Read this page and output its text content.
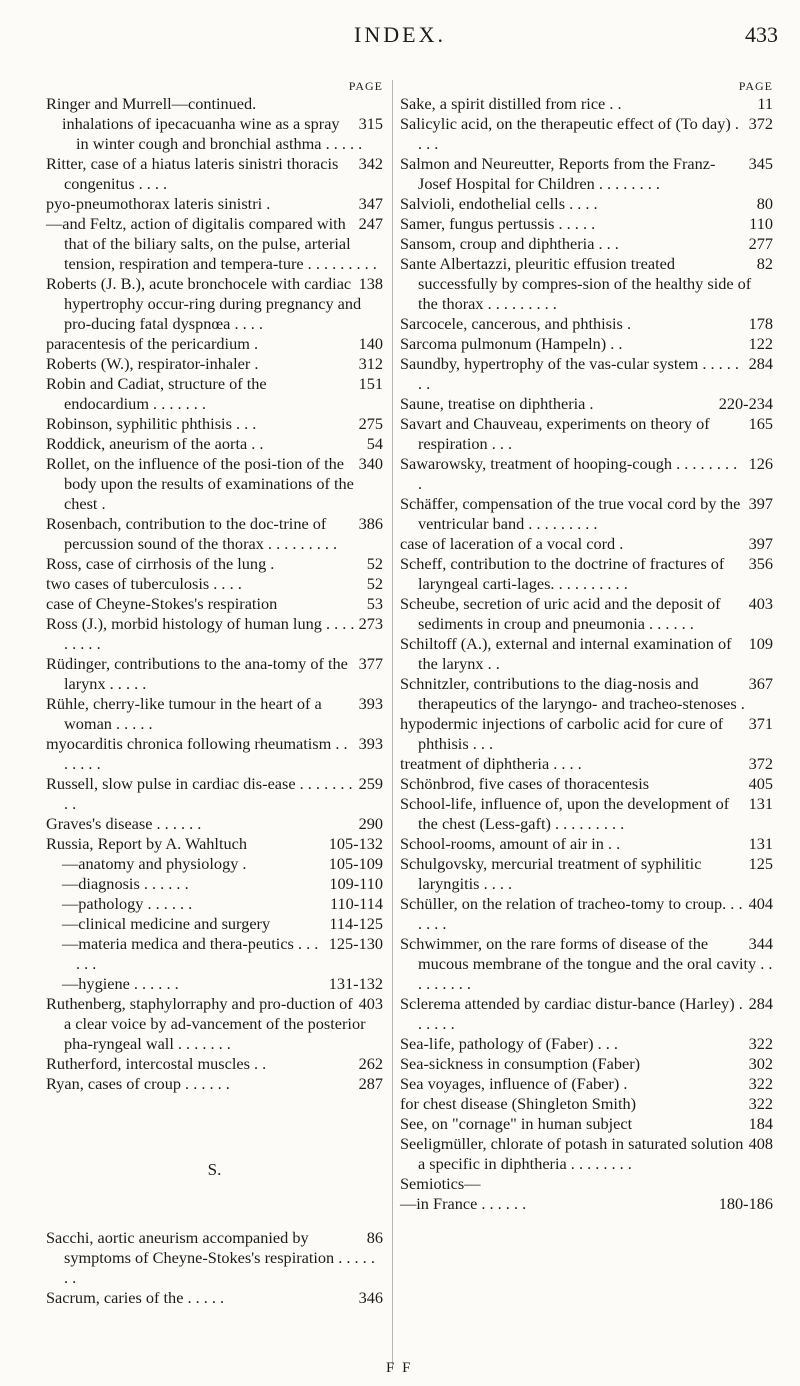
INDEX.	433
PAGE
Ringer and Murrell—continued.
315
inhalations of ipecacuanha wine as a spray in winter cough and bronchial asthma . . . . .
342
Ritter, case of a hiatus lateris sinistri thoracis congenitus . . . .
347
pyo-pneumothorax lateris sinistri .
247
—and Feltz, action of digitalis compared with that of the biliary salts, on the pulse, arterial tension, respiration and tempera-ture . . . . . . . . .
138
Roberts (J. B.), acute bronchocele with cardiac hypertrophy occur-ring during pregnancy and pro-ducing fatal dyspnœa . . . .
140
paracentesis of the pericardium .
312
Roberts (W.), respirator-inhaler .
151
Robin and Cadiat, structure of the endocardium . . . . . . .
275
Robinson, syphilitic phthisis . . .
54
Roddick, aneurism of the aorta . .
340
Rollet, on the influence of the posi-tion of the body upon the results of examinations of the chest .
386
Rosenbach, contribution to the doc-trine of percussion sound of the thorax . . . . . . . . .
52
Ross, case of cirrhosis of the lung .
52
two cases of tuberculosis . . . .
53
case of Cheyne-Stokes's respiration
273
Ross (J.), morbid histology of human lung . . . . . . . . .
377
Rüdinger, contributions to the ana-tomy of the larynx . . . . .
393
Rühle, cherry-like tumour in the heart of a woman . . . . .
393
myocarditis chronica following rheumatism . . . . . . .
259
Russell, slow pulse in cardiac dis-ease . . . . . . . . .
290
Graves's disease . . . . . .
105-132
Russia, Report by A. Wahltuch
105-109
—anatomy and physiology .
109-110
—diagnosis . . . . . .
110-114
—pathology . . . . . .
114-125
—clinical medicine and surgery
125-130
—materia medica and thera-peutics . . . . . .
131-132
—hygiene . . . . . .
403
Ruthenberg, staphylorraphy and pro-duction of a clear voice by ad-vancement of the posterior pha-ryngeal wall . . . . . . .
262
Rutherford, intercostal muscles . .
287
Ryan, cases of croup . . . . . .
S.
86
Sacchi, aortic aneurism accompanied by symptoms of Cheyne-Stokes's respiration . . . . . . .
346
Sacrum, caries of the . . . . .
PAGE
11
Sake, a spirit distilled from rice . .
372
Salicylic acid, on the therapeutic effect of (To day) . . . .
345
Salmon and Neureutter, Reports from the Franz-Josef Hospital for Children . . . . . . . .
80
Salvioli, endothelial cells . . . .
110
Samer, fungus pertussis . . . . .
277
Sansom, croup and diphtheria . . .
82
Sante Albertazzi, pleuritic effusion treated successfully by compres-sion of the healthy side of the thorax . . . . . . . . .
178
Sarcocele, cancerous, and phthisis .
122
Sarcoma pulmonum (Hampeln) . .
284
Saundby, hypertrophy of the vas-cular system . . . . . . .
220-234
Saune, treatise on diphtheria .
165
Savart and Chauveau, experiments on theory of respiration . . .
126
Sawarowsky, treatment of hooping-cough . . . . . . . . .
397
Schäffer, compensation of the true vocal cord by the ventricular band . . . . . . . . .
397
case of laceration of a vocal cord .
356
Scheff, contribution to the doctrine of fractures of laryngeal carti-lages. . . . . . . . . .
403
Scheube, secretion of uric acid and the deposit of sediments in croup and pneumonia . . . . . .
109
Schiltoff (A.), external and internal examination of the larynx . .
367
Schnitzler, contributions to the diag-nosis and therapeutics of the laryngo- and tracheo-stenoses .
371
hypodermic injections of carbolic acid for cure of phthisis . . .
372
treatment of diphtheria . . . .
405
Schönbrod, five cases of thoracentesis
131
School-life, influence of, upon the development of the chest (Less-gaft) . . . . . . . . .
131
School-rooms, amount of air in . .
125
Schulgovsky, mercurial treatment of syphilitic laryngitis . . . .
404
Schüller, on the relation of tracheo-tomy to croup. . . . . . .
344
Schwimmer, on the rare forms of disease of the mucous membrane of the tongue and the oral cavity . . . . . . . . .
284
Sclerema attended by cardiac distur-bance (Harley) . . . . . .
322
Sea-life, pathology of (Faber) . . .
302
Sea-sickness in consumption (Faber)
322
Sea voyages, influence of (Faber) .
322
for chest disease (Shingleton Smith)
184
See, on "cornage" in human subject
408
Seeligmüller, chlorate of potash in saturated solution a specific in diphtheria . . . . . . . .
Semiotics—
180-186
—in France . . . . . .
F F
